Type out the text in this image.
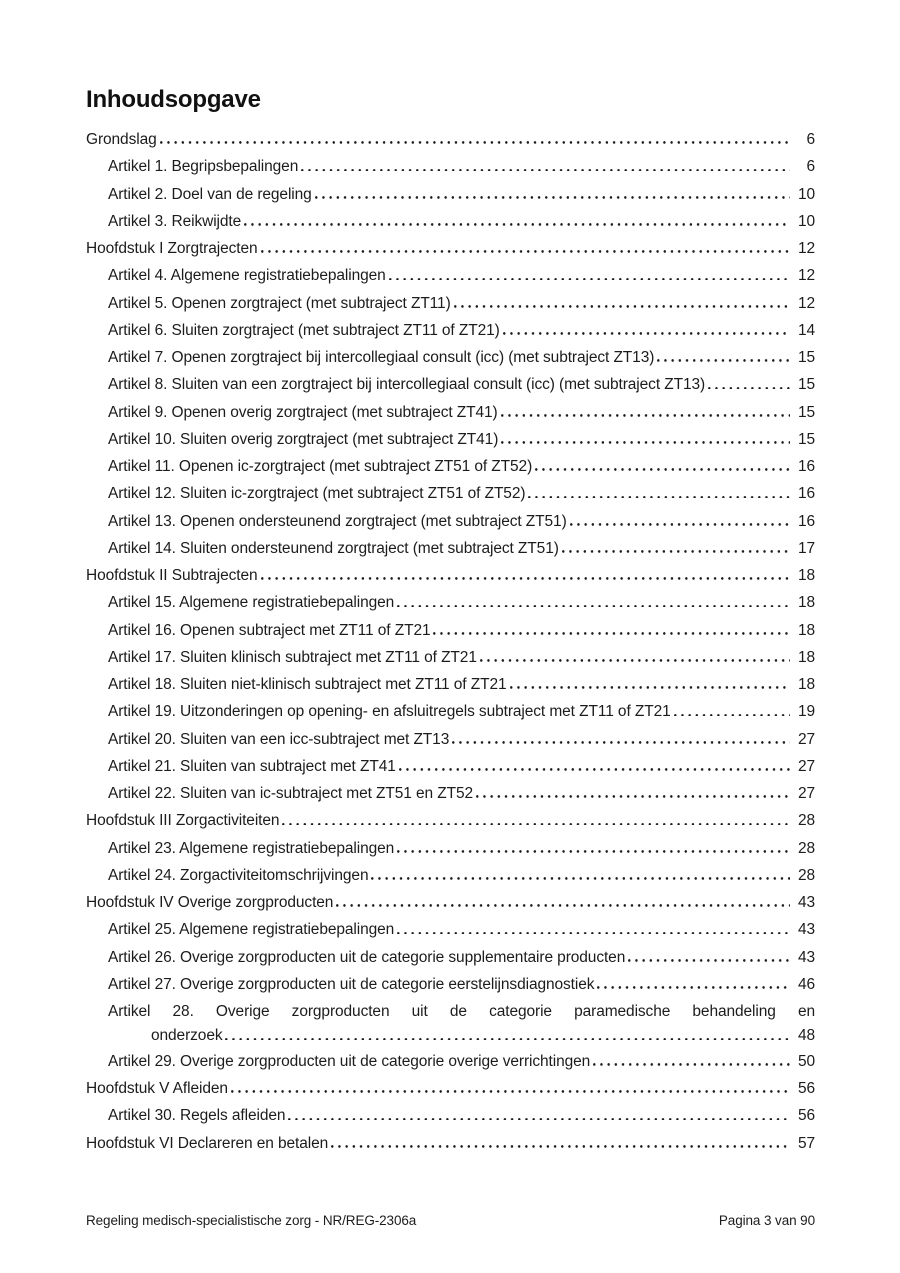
Inhoudsopgave
Grondslag	6
Artikel 1. Begripsbepalingen	6
Artikel 2. Doel van de regeling	10
Artikel 3. Reikwijdte	10
Hoofdstuk I Zorgtrajecten	12
Artikel 4. Algemene registratiebepalingen	12
Artikel 5. Openen zorgtraject (met subtraject ZT11)	12
Artikel 6. Sluiten zorgtraject (met subtraject ZT11 of ZT21)	14
Artikel 7. Openen zorgtraject bij intercollegiaal consult (icc) (met subtraject ZT13)	15
Artikel 8. Sluiten van een zorgtraject bij intercollegiaal consult (icc) (met subtraject ZT13)	15
Artikel 9. Openen overig zorgtraject (met subtraject ZT41)	15
Artikel 10. Sluiten overig zorgtraject (met subtraject ZT41)	15
Artikel 11. Openen ic-zorgtraject (met subtraject ZT51 of ZT52)	16
Artikel 12. Sluiten ic-zorgtraject (met subtraject ZT51 of ZT52)	16
Artikel 13. Openen ondersteunend zorgtraject (met subtraject ZT51)	16
Artikel 14. Sluiten ondersteunend zorgtraject (met subtraject ZT51)	17
Hoofdstuk II Subtrajecten	18
Artikel 15. Algemene registratiebepalingen	18
Artikel 16. Openen subtraject met ZT11 of ZT21	18
Artikel 17. Sluiten klinisch subtraject met ZT11 of ZT21	18
Artikel 18. Sluiten niet-klinisch subtraject met ZT11 of ZT21	18
Artikel 19. Uitzonderingen op opening- en afsluitregels subtraject met ZT11 of ZT21	19
Artikel 20. Sluiten van een icc-subtraject met ZT13	27
Artikel 21. Sluiten van subtraject met ZT41	27
Artikel 22. Sluiten van ic-subtraject met ZT51 en ZT52	27
Hoofdstuk III Zorgactiviteiten	28
Artikel 23. Algemene registratiebepalingen	28
Artikel 24. Zorgactiviteitomschrijvingen	28
Hoofdstuk IV Overige zorgproducten	43
Artikel 25. Algemene registratiebepalingen	43
Artikel 26. Overige zorgproducten uit de categorie supplementaire producten	43
Artikel 27. Overige zorgproducten uit de categorie eerstelijnsdiagnostiek	46
Artikel 28. Overige zorgproducten uit de categorie paramedische behandeling en
onderzoek	48
Artikel 29. Overige zorgproducten uit de categorie overige verrichtingen	50
Hoofdstuk V Afleiden	56
Artikel 30. Regels afleiden	56
Hoofdstuk VI Declareren en betalen	57
Regeling medisch-specialistische zorg - NR/REG-2306a	Pagina 3 van 90
